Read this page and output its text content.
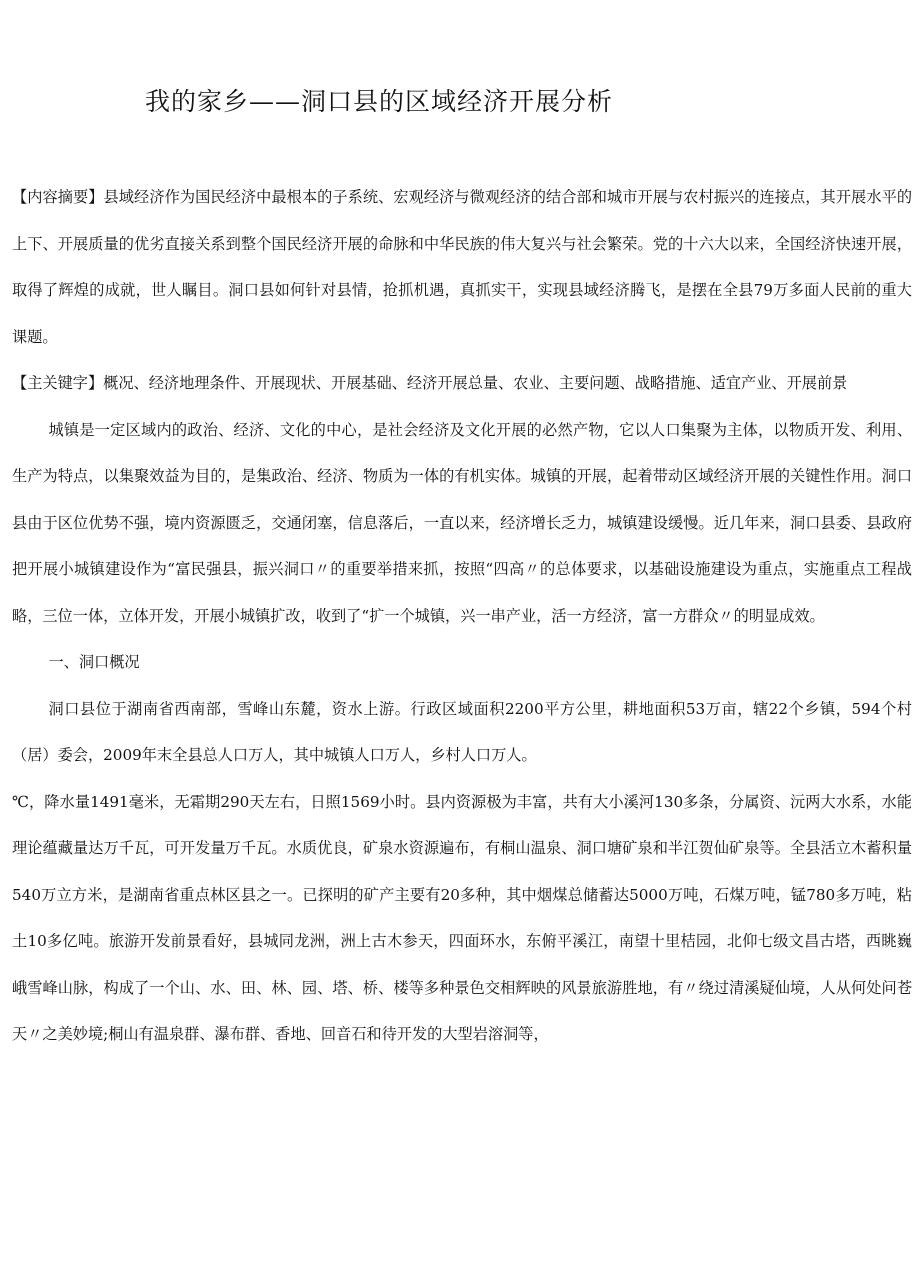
我的家乡——洞口县的区域经济开展分析

【内容摘要】县域经济作为国民经济中最根本的子系统、宏观经济与微观经济的结合部和城市开展与农村振兴的连接点，其开展水平的上下、开展质量的优劣直接关系到整个国民经济开展的命脉和中华民族的伟大复兴与社会繁荣。党的十六大以来，全国经济快速开展，取得了辉煌的成就，世人瞩目。洞口县如何针对县情，抢抓机遇，真抓实干，实现县域经济腾飞，是摆在全县79万多面人民前的重大课题。

【主关键字】概况、经济地理条件、开展现状、开展基础、经济开展总量、农业、主要问题、战略措施、适宜产业、开展前景

城镇是一定区域内的政治、经济、文化的中心，是社会经济及文化开展的必然产物，它以人口集聚为主体，以物质开发、利用、生产为特点，以集聚效益为目的，是集政治、经济、物质为一体的有机实体。城镇的开展，起着带动区域经济开展的关键性作用。洞口县由于区位优势不强，境内资源匮乏，交通闭塞，信息落后，一直以来，经济增长乏力，城镇建设缓慢。近几年来，洞口县委、县政府把开展小城镇建设作为“富民强县，振兴洞口〃的重要举措来抓，按照“四高〃的总体要求，以基础设施建设为重点，实施重点工程战略，三位一体，立体开发，开展小城镇扩改，收到了“扩一个城镇，兴一串产业，活一方经济，富一方群众〃的明显成效。

一、洞口概况

洞口县位于湖南省西南部，雪峰山东麓，资水上游。行政区域面积2200平方公里，耕地面积53万亩，辖22个乡镇，594个村（居）委会，2009年末全县总人口万人，其中城镇人口万人，乡村人口万人。

℃，降水量1491毫米，无霜期290天左右，日照1569小时。县内资源极为丰富，共有大小溪河130多条，分属资、沅两大水系，水能理论蕴藏量达万千瓦，可开发量万千瓦。水质优良，矿泉水资源遍布，有桐山温泉、洞口塘矿泉和半江贺仙矿泉等。全县活立木蓄积量540万立方米，是湖南省重点林区县之一。已探明的矿产主要有20多种，其中烟煤总储蓄达5000万吨，石煤万吨，锰780多万吨，粘土10多亿吨。旅游开发前景看好，县城同龙洲，洲上古木参天，四面环水，东俯平溪江，南望十里桔园，北仰七级文昌古塔，西眺巍峨雪峰山脉，构成了一个山、水、田、林、园、塔、桥、楼等多种景色交相辉映的风景旅游胜地，有〃绕过清溪疑仙境，人从何处问苍天〃之美妙境;桐山有温泉群、瀑布群、香地、回音石和待开发的大型岩溶洞等，
